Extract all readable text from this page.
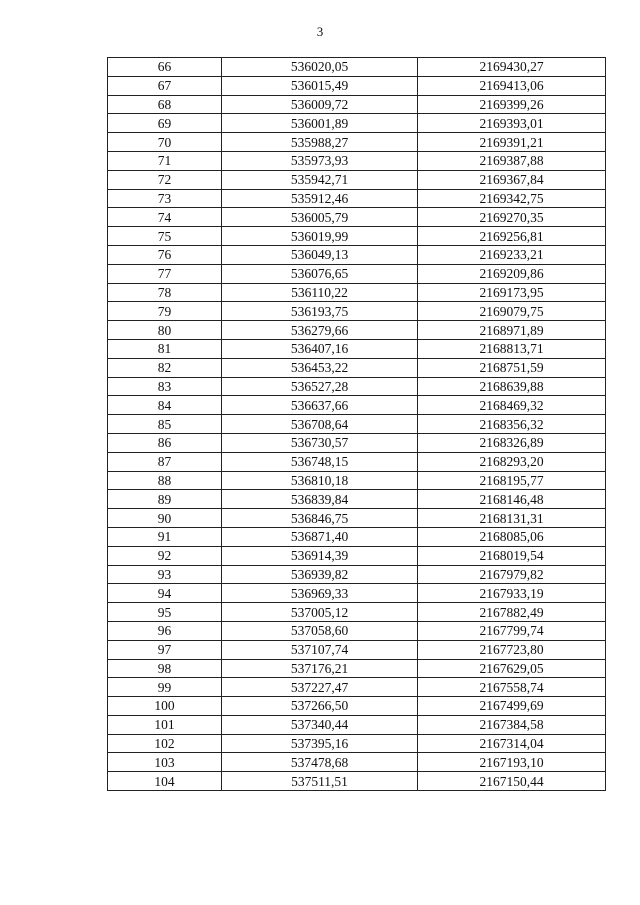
3
66	536020,05	2169430,27
67	536015,49	2169413,06
68	536009,72	2169399,26
69	536001,89	2169393,01
70	535988,27	2169391,21
71	535973,93	2169387,88
72	535942,71	2169367,84
73	535912,46	2169342,75
74	536005,79	2169270,35
75	536019,99	2169256,81
76	536049,13	2169233,21
77	536076,65	2169209,86
78	536110,22	2169173,95
79	536193,75	2169079,75
80	536279,66	2168971,89
81	536407,16	2168813,71
82	536453,22	2168751,59
83	536527,28	2168639,88
84	536637,66	2168469,32
85	536708,64	2168356,32
86	536730,57	2168326,89
87	536748,15	2168293,20
88	536810,18	2168195,77
89	536839,84	2168146,48
90	536846,75	2168131,31
91	536871,40	2168085,06
92	536914,39	2168019,54
93	536939,82	2167979,82
94	536969,33	2167933,19
95	537005,12	2167882,49
96	537058,60	2167799,74
97	537107,74	2167723,80
98	537176,21	2167629,05
99	537227,47	2167558,74
100	537266,50	2167499,69
101	537340,44	2167384,58
102	537395,16	2167314,04
103	537478,68	2167193,10
104	537511,51	2167150,44
